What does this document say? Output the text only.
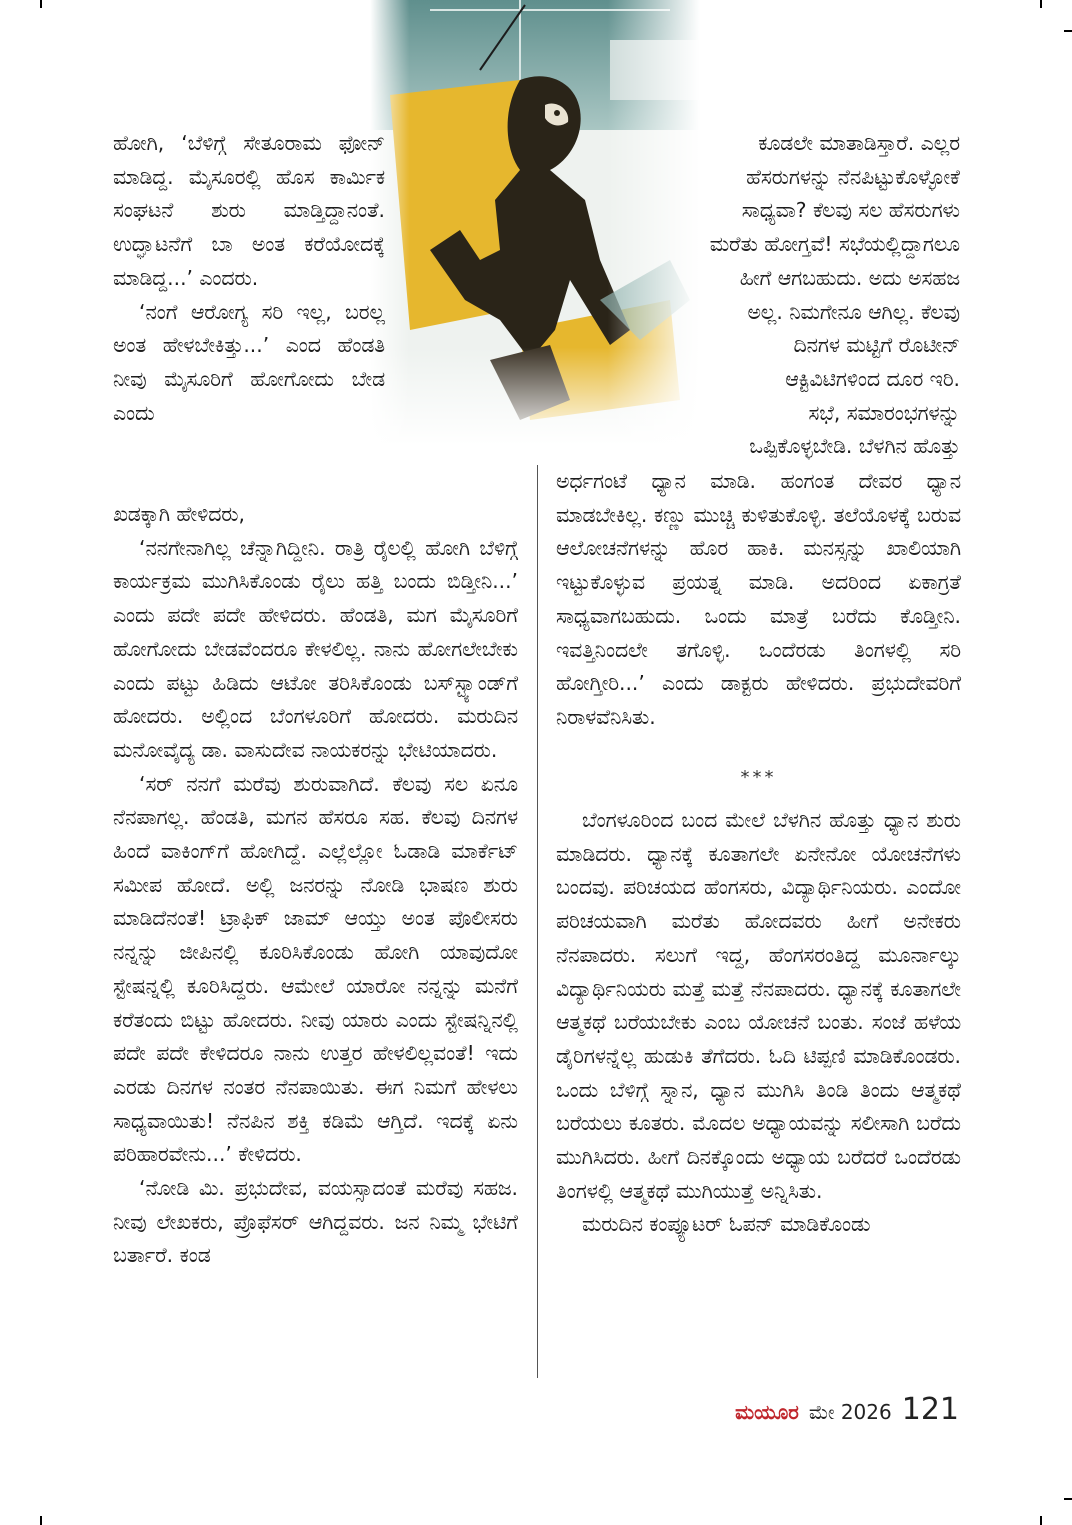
ಹೋಗಿ, ‘ಬೆಳಿಗ್ಗೆ ಸೇತೂರಾಮ ಫೋನ್ ಮಾಡಿದ್ದ. ಮೈಸೂರಲ್ಲಿ ಹೊಸ ಕಾರ್ಮಿಕ ಸಂಘಟನೆ ಶುರು ಮಾಡ್ತಿದ್ದಾನಂತೆ. ಉದ್ಘಾಟನೆಗೆ ಬಾ ಅಂತ ಕರೆಯೋದಕ್ಕೆ ಮಾಡಿದ್ದ...’ ಎಂದರು.

‘ನಂಗೆ ಆರೋಗ್ಯ ಸರಿ ಇಲ್ಲ, ಬರಲ್ಲ ಅಂತ ಹೇಳಬೇಕಿತ್ತು...’ ಎಂದ ಹೆಂಡತಿ ನೀವು ಮೈಸೂರಿಗೆ ಹೋಗೋದು ಬೇಡ ಎಂದು

ಖಡಕ್ಕಾಗಿ ಹೇಳಿದರು,

‘ನನಗೇನಾಗಿಲ್ಲ ಚೆನ್ನಾಗಿದ್ದೀನಿ. ರಾತ್ರಿ ರೈಲಲ್ಲಿ ಹೋಗಿ ಬೆಳಿಗ್ಗೆ ಕಾರ್ಯಕ್ರಮ ಮುಗಿಸಿಕೊಂಡು ರೈಲು ಹತ್ತಿ ಬಂದು ಬಿಡ್ತೀನಿ...’ ಎಂದು ಪದೇ ಪದೇ ಹೇಳಿದರು. ಹೆಂಡತಿ, ಮಗ ಮೈಸೂರಿಗೆ ಹೋಗೋದು ಬೇಡವೆಂದರೂ ಕೇಳಲಿಲ್ಲ. ನಾನು ಹೋಗಲೇಬೇಕು ಎಂದು ಪಟ್ಟು ಹಿಡಿದು ಆಟೋ ತರಿಸಿಕೊಂಡು ಬಸ್‌ಸ್ಟ್ಯಾಂಡ್‌ಗೆ ಹೋದರು. ಅಲ್ಲಿಂದ ಬೆಂಗಳೂರಿಗೆ ಹೋದರು. ಮರುದಿನ ಮನೋವೈದ್ಯ ಡಾ. ವಾಸುದೇವ ನಾಯಕರನ್ನು ಭೇಟಿಯಾದರು.

‘ಸರ್ ನನಗೆ ಮರೆವು ಶುರುವಾಗಿದೆ. ಕೆಲವು ಸಲ ಏನೂ ನೆನಪಾಗಲ್ಲ. ಹೆಂಡತಿ, ಮಗನ ಹೆಸರೂ ಸಹ. ಕೆಲವು ದಿನಗಳ ಹಿಂದೆ ವಾಕಿಂಗ್‌ಗೆ ಹೋಗಿದ್ದೆ. ಎಲ್ಲೆಲ್ಲೋ ಓಡಾಡಿ ಮಾರ್ಕೆಟ್ ಸಮೀಪ ಹೋದೆ. ಅಲ್ಲಿ ಜನರನ್ನು ನೋಡಿ ಭಾಷಣ ಶುರು ಮಾಡಿದೆನಂತೆ! ಟ್ರಾಫಿಕ್ ಜಾಮ್ ಆಯ್ತು ಅಂತ ಪೊಲೀಸರು ನನ್ನನ್ನು ಜೀಪಿನಲ್ಲಿ ಕೂರಿಸಿಕೊಂಡು ಹೋಗಿ ಯಾವುದೋ ಸ್ಟೇಷನ್ನಲ್ಲಿ ಕೂರಿಸಿದ್ದರು. ಆಮೇಲೆ ಯಾರೋ ನನ್ನನ್ನು ಮನೆಗೆ ಕರೆತಂದು ಬಿಟ್ಟು ಹೋದರು. ನೀವು ಯಾರು ಎಂದು ಸ್ಟೇಷನ್ನಿನಲ್ಲಿ ಪದೇ ಪದೇ ಕೇಳಿದರೂ ನಾನು ಉತ್ತರ ಹೇಳಲಿಲ್ಲವಂತೆ! ಇದು ಎರಡು ದಿನಗಳ ನಂತರ ನೆನಪಾಯಿತು. ಈಗ ನಿಮಗೆ ಹೇಳಲು ಸಾಧ್ಯವಾಯಿತು! ನೆನಪಿನ ಶಕ್ತಿ ಕಡಿಮೆ ಆಗ್ತಿದೆ. ಇದಕ್ಕೆ ಏನು ಪರಿಹಾರವೇನು...’ ಕೇಳಿದರು.

‘ನೋಡಿ ಮಿ. ಪ್ರಭುದೇವ, ವಯಸ್ಸಾದಂತೆ ಮರೆವು ಸಹಜ. ನೀವು ಲೇಖಕರು, ಪ್ರೊಫೆಸರ್ ಆಗಿದ್ದವರು. ಜನ ನಿಮ್ಮ ಭೇಟಿಗೆ ಬರ್ತಾರೆ. ಕಂಡ

ಕೂಡಲೇ ಮಾತಾಡಿಸ್ತಾರೆ. ಎಲ್ಲರ
ಹೆಸರುಗಳನ್ನು ನೆನಪಿಟ್ಟುಕೊಳ್ಳೋಕೆ
ಸಾಧ್ಯವಾ? ಕೆಲವು ಸಲ ಹೆಸರುಗಳು
ಮರೆತು ಹೋಗ್ತವೆ! ಸಭೆಯಲ್ಲಿದ್ದಾಗಲೂ
ಹೀಗೆ ಆಗಬಹುದು. ಅದು ಅಸಹಜ
ಅಲ್ಲ. ನಿಮಗೇನೂ ಆಗಿಲ್ಲ. ಕೆಲವು
ದಿನಗಳ ಮಟ್ಟಿಗೆ ರೊಟೀನ್
ಆಕ್ಟಿವಿಟಿಗಳಿಂದ ದೂರ ಇರಿ.
ಸಭೆ, ಸಮಾರಂಭಗಳನ್ನು
ಒಪ್ಪಿಕೊಳ್ಳಬೇಡಿ. ಬೆಳಗಿನ ಹೊತ್ತು

ಅರ್ಧಗಂಟೆ ಧ್ಯಾನ ಮಾಡಿ. ಹಂಗಂತ ದೇವರ ಧ್ಯಾನ ಮಾಡಬೇಕಿಲ್ಲ. ಕಣ್ಣು ಮುಚ್ಚಿ ಕುಳಿತುಕೊಳ್ಳಿ. ತಲೆಯೊಳಕ್ಕೆ ಬರುವ ಆಲೋಚನೆಗಳನ್ನು ಹೊರ ಹಾಕಿ. ಮನಸ್ಸನ್ನು ಖಾಲಿಯಾಗಿ ಇಟ್ಟುಕೊಳ್ಳುವ ಪ್ರಯತ್ನ ಮಾಡಿ. ಅದರಿಂದ ಏಕಾಗ್ರತೆ ಸಾಧ್ಯವಾಗಬಹುದು. ಒಂದು ಮಾತ್ರೆ ಬರೆದು ಕೊಡ್ತೀನಿ. ಇವತ್ತಿನಿಂದಲೇ ತಗೊಳ್ಳಿ. ಒಂದೆರಡು ತಿಂಗಳಲ್ಲಿ ಸರಿ ಹೋಗ್ತೀರಿ...’ ಎಂದು ಡಾಕ್ಟರು ಹೇಳಿದರು. ಪ್ರಭುದೇವರಿಗೆ ನಿರಾಳವೆನಿಸಿತು.

***

ಬೆಂಗಳೂರಿಂದ ಬಂದ ಮೇಲೆ ಬೆಳಗಿನ ಹೊತ್ತು ಧ್ಯಾನ ಶುರು ಮಾಡಿದರು. ಧ್ಯಾನಕ್ಕೆ ಕೂತಾಗಲೇ ಏನೇನೋ ಯೋಚನೆಗಳು ಬಂದವು. ಪರಿಚಯದ ಹೆಂಗಸರು, ವಿದ್ಯಾರ್ಥಿನಿಯರು. ಎಂದೋ ಪರಿಚಯವಾಗಿ ಮರೆತು ಹೋದವರು ಹೀಗೆ ಅನೇಕರು ನೆನಪಾದರು. ಸಲುಗೆ ಇದ್ದ, ಹೆಂಗಸರಂತಿದ್ದ ಮೂರ್ನಾಲ್ಕು ವಿದ್ಯಾರ್ಥಿನಿಯರು ಮತ್ತೆ ಮತ್ತೆ ನೆನಪಾದರು. ಧ್ಯಾನಕ್ಕೆ ಕೂತಾಗಲೇ ಆತ್ಮಕಥೆ ಬರೆಯಬೇಕು ಎಂಬ ಯೋಚನೆ ಬಂತು. ಸಂಜೆ ಹಳೆಯ ಡೈರಿಗಳನ್ನೆಲ್ಲ ಹುಡುಕಿ ತೆಗೆದರು. ಓದಿ ಟಿಪ್ಪಣಿ ಮಾಡಿಕೊಂಡರು. ಒಂದು ಬೆಳಿಗ್ಗೆ ಸ್ನಾನ, ಧ್ಯಾನ ಮುಗಿಸಿ ತಿಂಡಿ ತಿಂದು ಆತ್ಮಕಥೆ ಬರೆಯಲು ಕೂತರು. ಮೊದಲ ಅಧ್ಯಾಯವನ್ನು ಸಲೀಸಾಗಿ ಬರೆದು ಮುಗಿಸಿದರು. ಹೀಗೆ ದಿನಕ್ಕೊಂದು ಅಧ್ಯಾಯ ಬರೆದರೆ ಒಂದೆರಡು ತಿಂಗಳಲ್ಲಿ ಆತ್ಮಕಥೆ ಮುಗಿಯುತ್ತೆ ಅನ್ನಿಸಿತು.

ಮರುದಿನ ಕಂಪ್ಯೂಟರ್ ಓಪನ್ ಮಾಡಿಕೊಂಡು

ಮಯೂರ ಮೇ 2026 121
